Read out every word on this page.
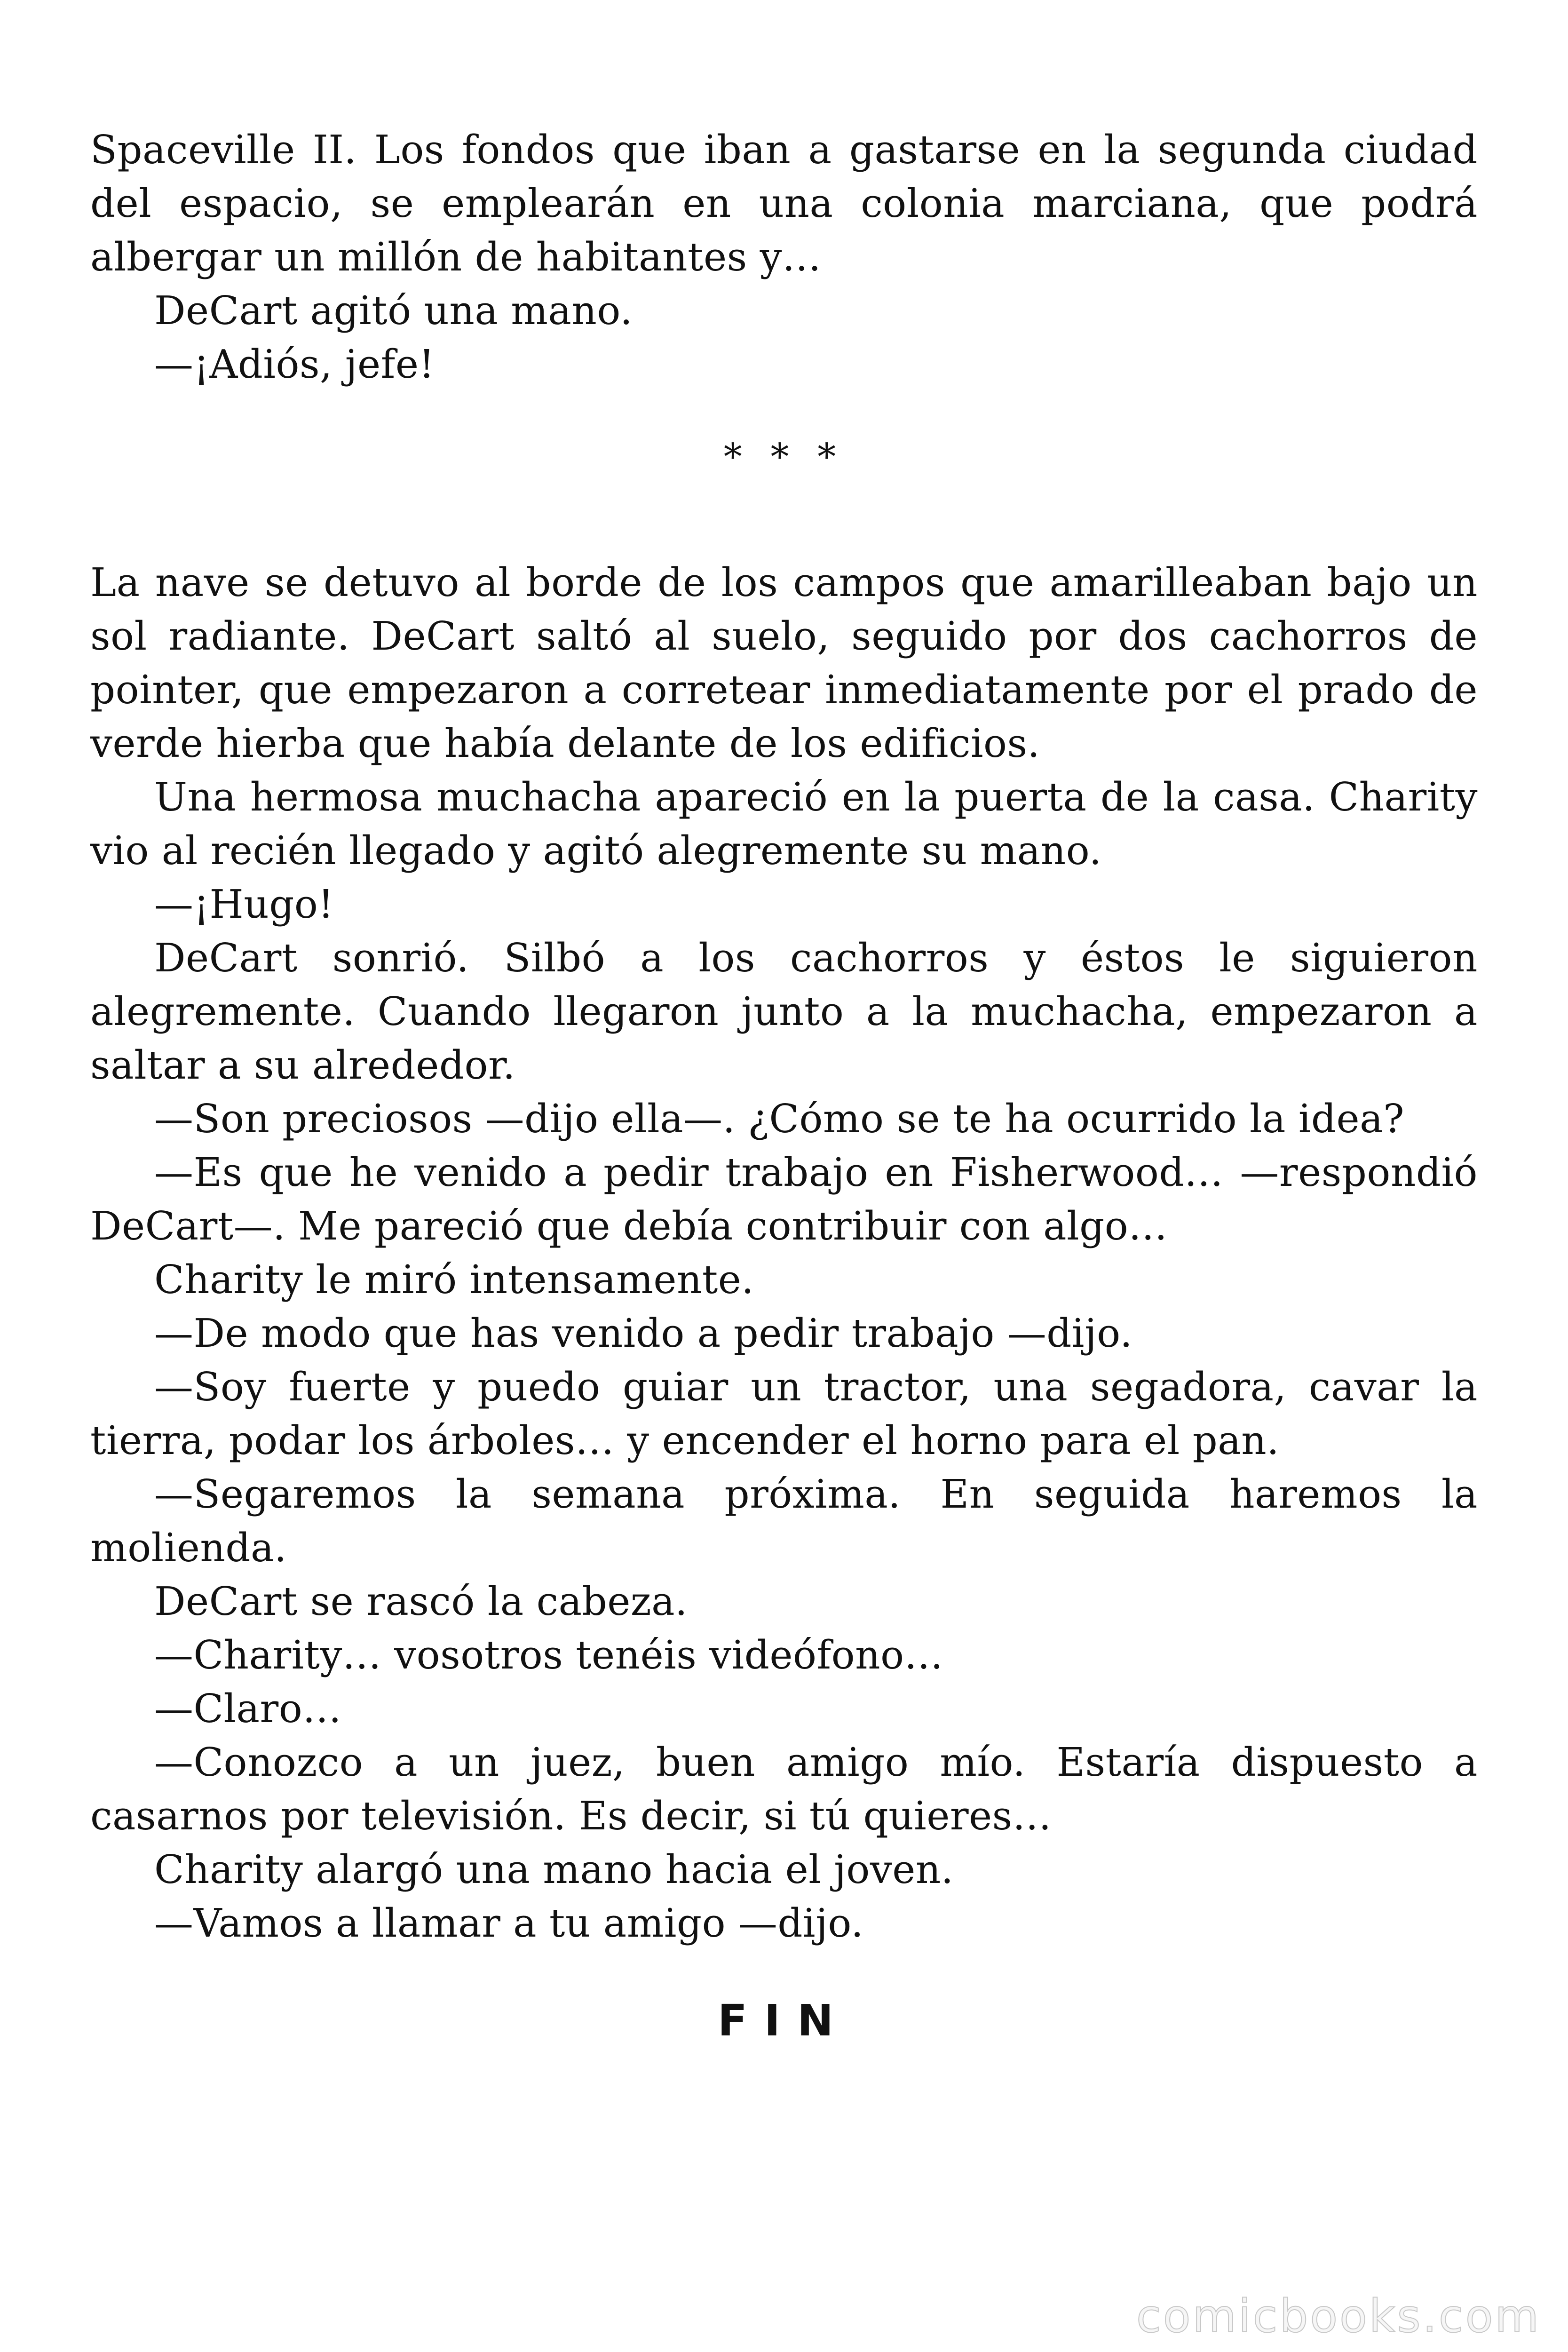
Spaceville II. Los fondos que iban a gastarse en la segunda ciudad del espacio, se emplearán en una colonia marciana, que podrá albergar un millón de habitantes y…

DeCart agitó una mano.

—¡Adiós, jefe!

* * *

La nave se detuvo al borde de los campos que amarilleaban bajo un sol radiante. DeCart saltó al suelo, seguido por dos cachorros de pointer, que empezaron a corretear inmediatamente por el prado de verde hierba que había delante de los edificios.

Una hermosa muchacha apareció en la puerta de la casa. Charity vio al recién llegado y agitó alegremente su mano.

—¡Hugo!

DeCart sonrió. Silbó a los cachorros y éstos le siguieron alegremente. Cuando llegaron junto a la muchacha, empezaron a saltar a su alrededor.

—Son preciosos —dijo ella—. ¿Cómo se te ha ocurrido la idea?

—Es que he venido a pedir trabajo en Fisherwood… —respondió DeCart—. Me pareció que debía contribuir con algo…

Charity le miró intensamente.

—De modo que has venido a pedir trabajo —dijo.

—Soy fuerte y puedo guiar un tractor, una segadora, cavar la tierra, podar los árboles… y encender el horno para el pan.

—Segaremos la semana próxima. En seguida haremos la molienda.

DeCart se rascó la cabeza.

—Charity… vosotros tenéis videófono…

—Claro…

—Conozco a un juez, buen amigo mío. Estaría dispuesto a casarnos por televisión. Es decir, si tú quieres…

Charity alargó una mano hacia el joven.

—Vamos a llamar a tu amigo —dijo.

FIN
comicbooks.com
